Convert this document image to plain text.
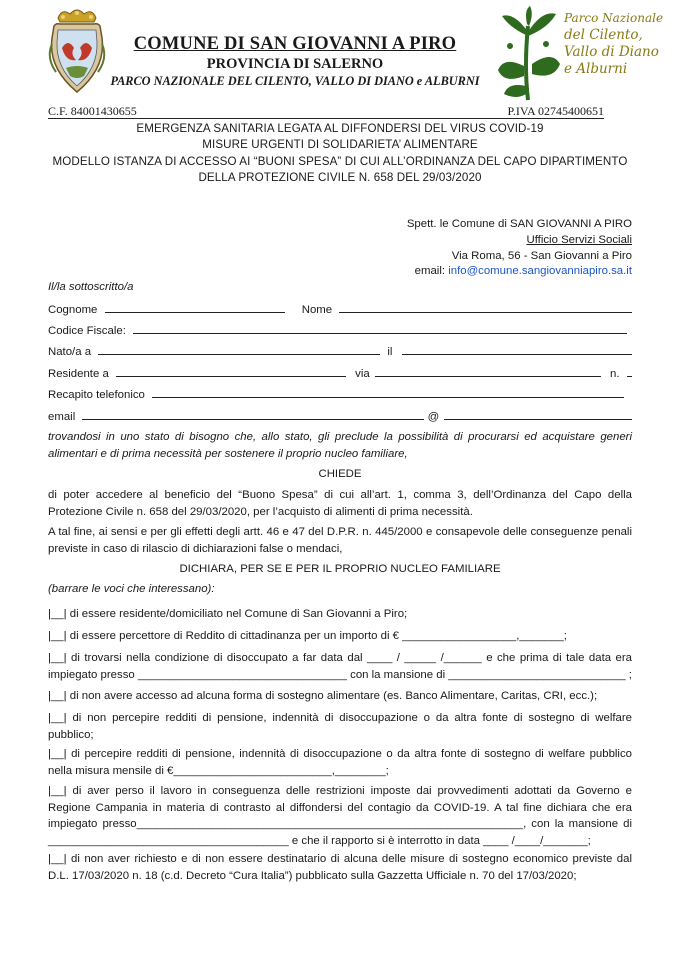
COMUNE DI SAN GIOVANNI A PIRO
PROVINCIA DI SALERNO
PARCO NAZIONALE DEL CILENTO, VALLO DI DIANO e ALBURNI
Parco Nazionale
del Cilento,
Vallo di Diano
e Alburni
C.F. 84001430655	P.IVA 02745400651
EMERGENZA SANITARIA LEGATA AL DIFFONDERSI DEL VIRUS COVID-19
MISURE URGENTI DI SOLIDARIETA’ ALIMENTARE
MODELLO ISTANZA DI ACCESSO AI “BUONI SPESA” DI CUI ALL’ORDINANZA DEL CAPO DIPARTIMENTO
DELLA PROTEZIONE CIVILE N. 658 DEL 29/03/2020
Spett. le Comune di SAN GIOVANNI A PIRO
Ufficio Servizi Sociali
Via Roma, 56 - San Giovanni a Piro
email: info@comune.sangiovanniapiro.sa.it
Il/la sottoscritto/a
Cognome	Nome
Codice Fiscale:
Nato/a a	il
Residente a	via	n.
Recapito telefonico
email	@
trovandosi in uno stato di bisogno che, allo stato, gli preclude la possibilità di procurarsi ed acquistare generi alimentari e di prima necessità per sostenere il proprio nucleo familiare,
CHIEDE
di poter accedere al beneficio del “Buono Spesa” di cui all’art. 1, comma 3, dell’Ordinanza del Capo della Protezione Civile n. 658 del 29/03/2020, per l’acquisto di alimenti di prima necessità.
A tal fine, ai sensi e per gli effetti degli artt. 46 e 47 del D.P.R. n. 445/2000 e consapevole delle conseguenze penali previste in caso di rilascio di dichiarazioni false o mendaci,
DICHIARA, PER SE E PER IL PROPRIO NUCLEO FAMILIARE
(barrare le voci che interessano):
|__| di essere residente/domiciliato nel Comune di San Giovanni a Piro;
|__| di essere percettore di Reddito di cittadinanza per un importo di € __________________,_______;
|__| di trovarsi nella condizione di disoccupato a far data dal ____ / _____ /______ e che prima di tale data era impiegato presso _________________________________ con la mansione di ____________________________ ;
|__| di non avere accesso ad alcuna forma di sostegno alimentare (es. Banco Alimentare, Caritas, CRI, ecc.);
|__| di non percepire redditi di pensione, indennità di disoccupazione o da altra fonte di sostegno di welfare pubblico;
|__| di percepire redditi di pensione, indennità di disoccupazione o da altra fonte di sostegno di welfare pubblico nella misura mensile di €_________________________,________;
|__| di aver perso il lavoro in conseguenza delle restrizioni imposte dai provvedimenti adottati da Governo e Regione Campania in materia di contrasto al diffondersi del contagio da COVID-19. A tal fine dichiara che era impiegato presso_____________________________________________________________, con la mansione di ______________________________________ e che il rapporto si è interrotto in data ____ /____/_______;
|__| di non aver richiesto e di non essere destinatario di alcuna delle misure di sostegno economico previste dal D.L. 17/03/2020 n. 18 (c.d. Decreto “Cura Italia”) pubblicato sulla Gazzetta Ufficiale n. 70 del 17/03/2020;
